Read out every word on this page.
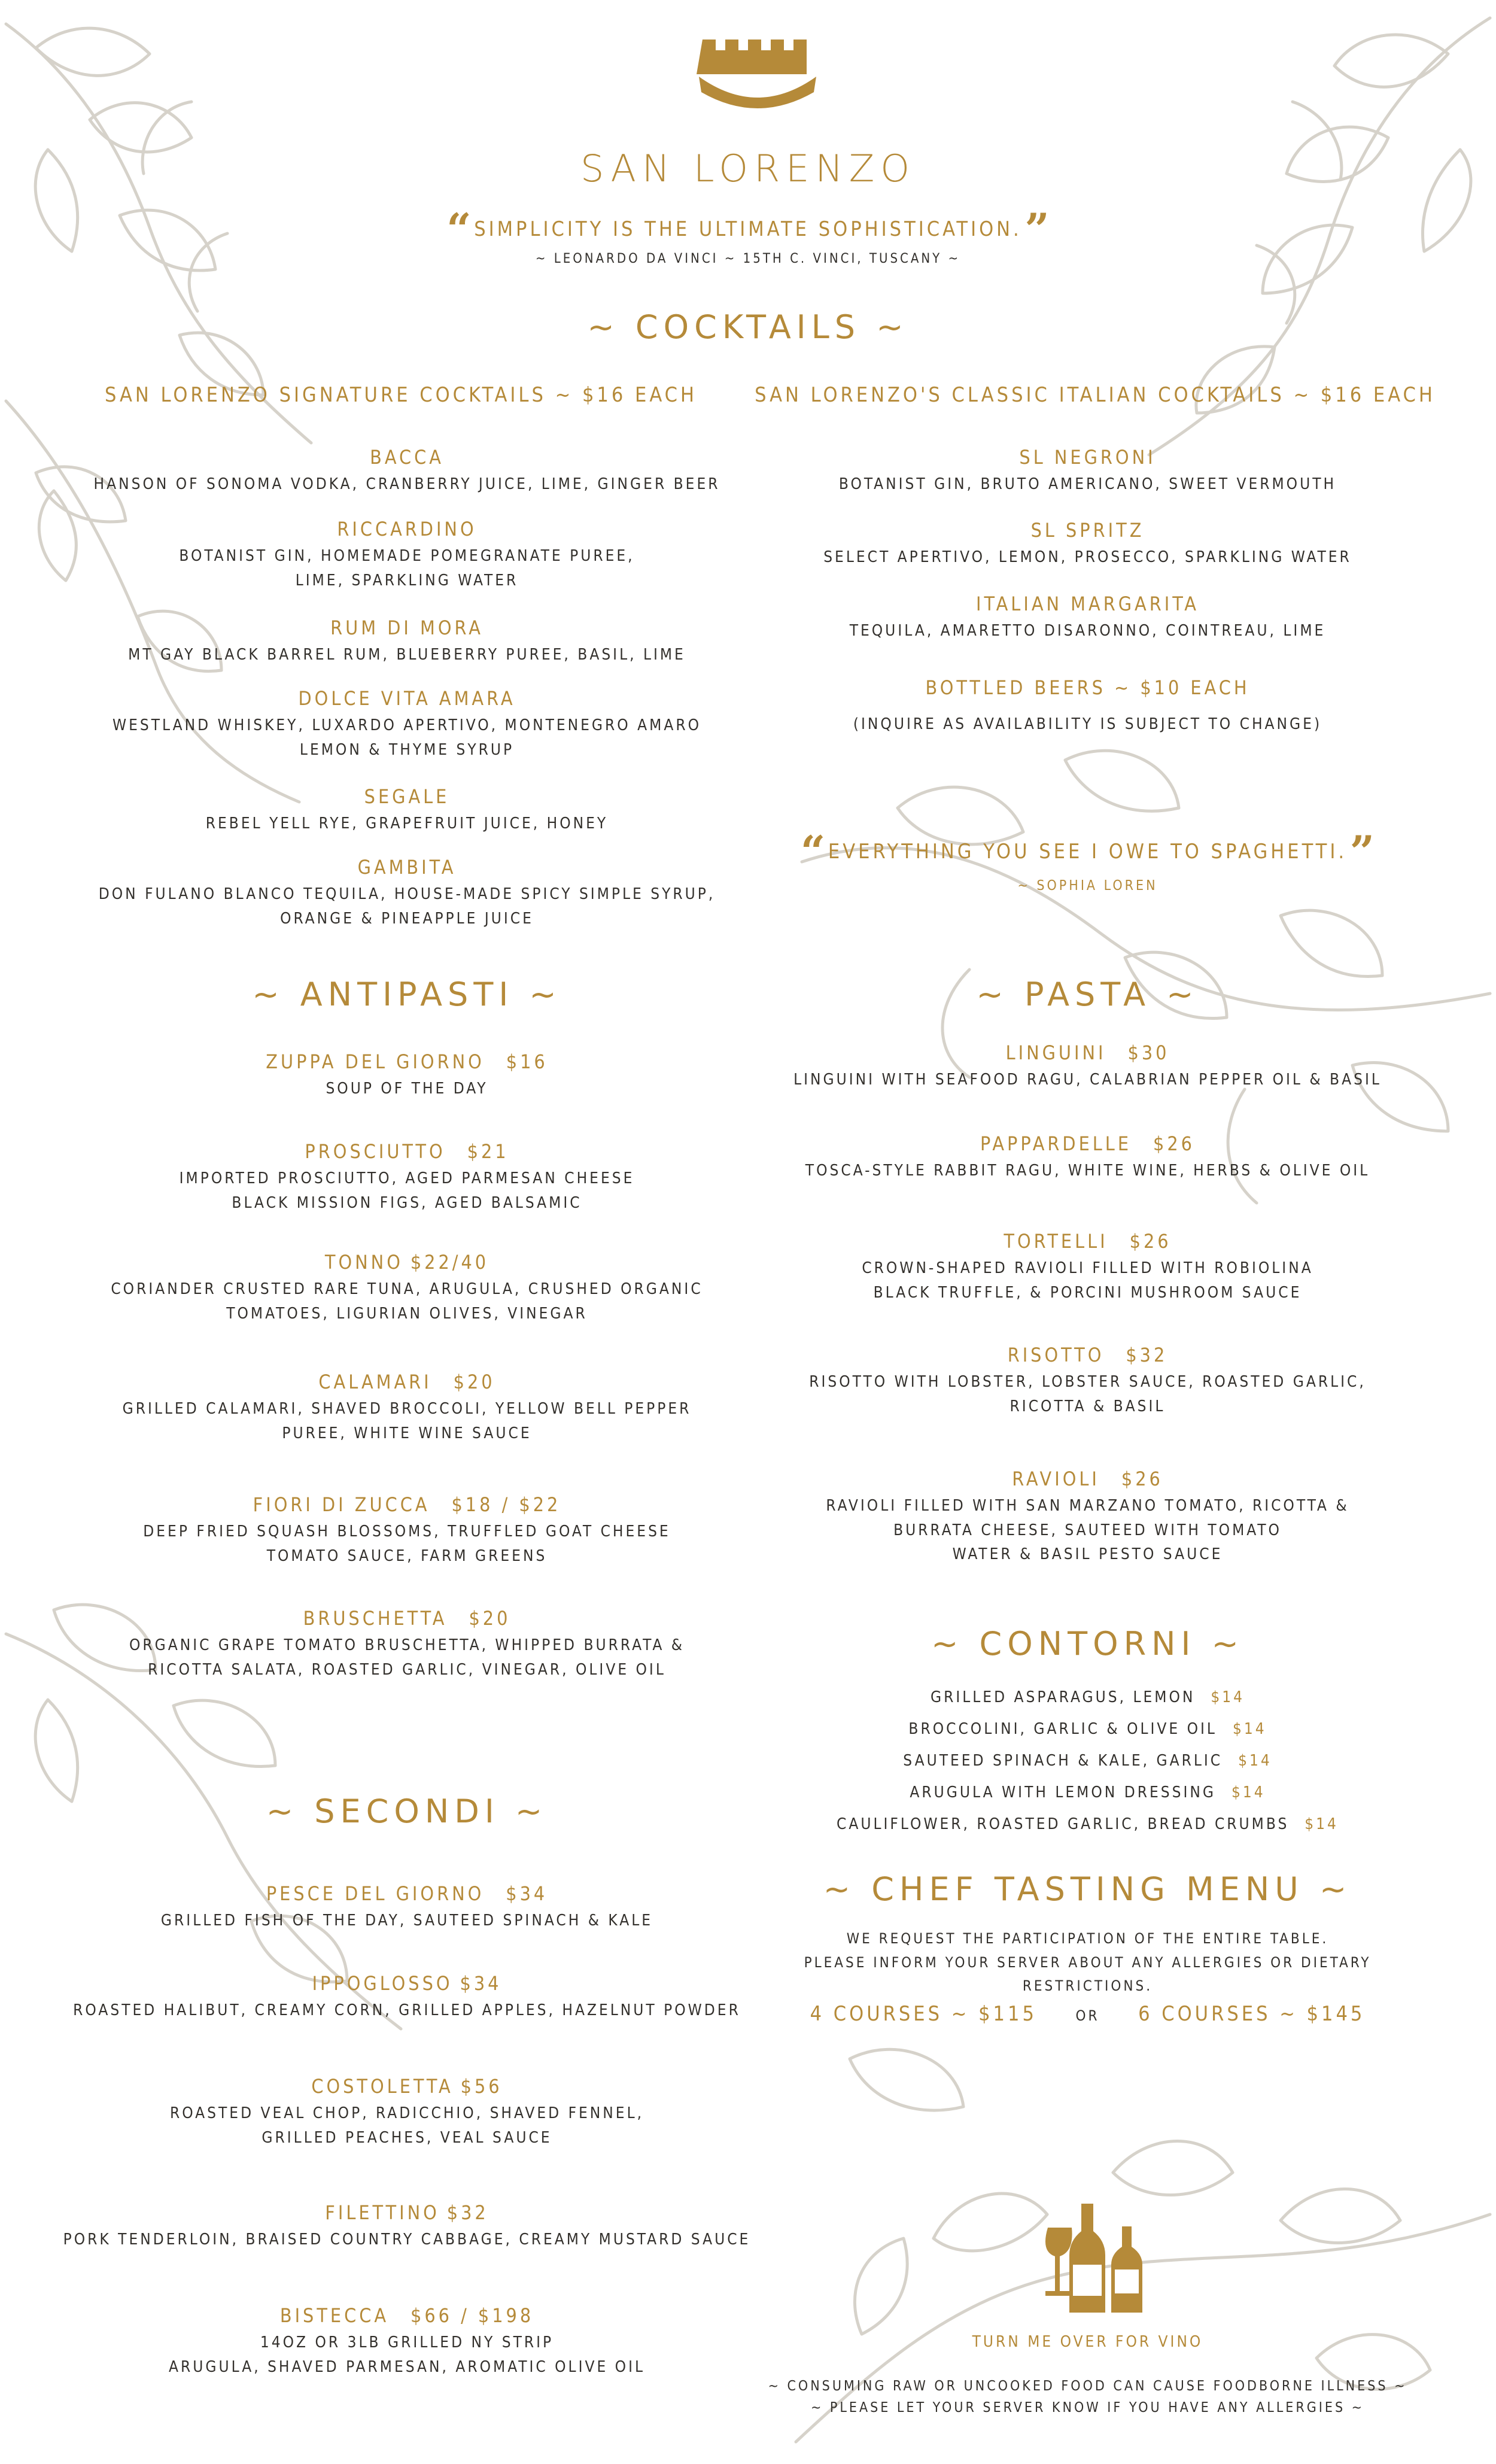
SAN LORENZO
“ SIMPLICITY IS THE ULTIMATE SOPHISTICATION. ”
~ LEONARDO DA VINCI ~ 15TH C. VINCI, TUSCANY ~
~ COCKTAILS ~
SAN LORENZO SIGNATURE COCKTAILS ~ $16 EACH
BACCA
HANSON OF SONOMA VODKA, CRANBERRY JUICE, LIME, GINGER BEER
RICCARDINO
BOTANIST GIN, HOMEMADE POMEGRANATE PUREE,
LIME, SPARKLING WATER
RUM DI MORA
MT GAY BLACK BARREL RUM, BLUEBERRY PUREE, BASIL, LIME
DOLCE VITA AMARA
WESTLAND WHISKEY, LUXARDO APERTIVO, MONTENEGRO AMARO
LEMON & THYME SYRUP
SEGALE
REBEL YELL RYE, GRAPEFRUIT JUICE, HONEY
GAMBITA
DON FULANO BLANCO TEQUILA, HOUSE-MADE SPICY SIMPLE SYRUP,
ORANGE & PINEAPPLE JUICE
SAN LORENZO'S CLASSIC ITALIAN COCKTAILS ~ $16 EACH
SL NEGRONI
BOTANIST GIN, BRUTO AMERICANO, SWEET VERMOUTH
SL SPRITZ
SELECT APERTIVO, LEMON, PROSECCO, SPARKLING WATER
ITALIAN MARGARITA
TEQUILA, AMARETTO DISARONNO, COINTREAU, LIME
BOTTLED BEERS ~ $10 EACH
(INQUIRE AS AVAILABILITY IS SUBJECT TO CHANGE)
“ EVERYTHING YOU SEE I OWE TO SPAGHETTI. ”
~ SOPHIA LOREN
~ ANTIPASTI ~	~ PASTA ~
~ SECONDI ~
~ CONTORNI ~
ZUPPA DEL GIORNO $16
SOUP OF THE DAY
PROSCIUTTO $21
IMPORTED PROSCIUTTO, AGED PARMESAN CHEESE
BLACK MISSION FIGS, AGED BALSAMIC
TONNO $22/40
CORIANDER CRUSTED RARE TUNA, ARUGULA, CRUSHED ORGANIC
TOMATOES, LIGURIAN OLIVES, VINEGAR
CALAMARI $20
GRILLED CALAMARI, SHAVED BROCCOLI, YELLOW BELL PEPPER
PUREE, WHITE WINE SAUCE
FIORI DI ZUCCA $18 / $22
DEEP FRIED SQUASH BLOSSOMS, TRUFFLED GOAT CHEESE
TOMATO SAUCE, FARM GREENS
BRUSCHETTA $20
ORGANIC GRAPE TOMATO BRUSCHETTA, WHIPPED BURRATA &
RICOTTA SALATA, ROASTED GARLIC, VINEGAR, OLIVE OIL
LINGUINI $30
LINGUINI WITH SEAFOOD RAGU, CALABRIAN PEPPER OIL & BASIL
PAPPARDELLE $26
TOSCA-STYLE RABBIT RAGU, WHITE WINE, HERBS & OLIVE OIL
TORTELLI $26
CROWN-SHAPED RAVIOLI FILLED WITH ROBIOLINA
BLACK TRUFFLE, & PORCINI MUSHROOM SAUCE
RISOTTO $32
RISOTTO WITH LOBSTER, LOBSTER SAUCE, ROASTED GARLIC,
RICOTTA & BASIL
RAVIOLI $26
RAVIOLI FILLED WITH SAN MARZANO TOMATO, RICOTTA &
BURRATA CHEESE, SAUTEED WITH TOMATO
WATER & BASIL PESTO SAUCE
PESCE DEL GIORNO $34
GRILLED FISH OF THE DAY, SAUTEED SPINACH & KALE
IPPOGLOSSO $34
ROASTED HALIBUT, CREAMY CORN, GRILLED APPLES, HAZELNUT POWDER
COSTOLETTA $56
ROASTED VEAL CHOP, RADICCHIO, SHAVED FENNEL,
GRILLED PEACHES, VEAL SAUCE
FILETTINO $32
PORK TENDERLOIN, BRAISED COUNTRY CABBAGE, CREAMY MUSTARD SAUCE
BISTECCA $66 / $198
14OZ OR 3LB GRILLED NY STRIP
ARUGULA, SHAVED PARMESAN, AROMATIC OLIVE OIL
GRILLED ASPARAGUS, LEMON $14
BROCCOLINI, GARLIC & OLIVE OIL $14
SAUTEED SPINACH & KALE, GARLIC $14
ARUGULA WITH LEMON DRESSING $14
CAULIFLOWER, ROASTED GARLIC, BREAD CRUMBS $14
~ CHEF TASTING MENU ~
WE REQUEST THE PARTICIPATION OF THE ENTIRE TABLE.
PLEASE INFORM YOUR SERVER ABOUT ANY ALLERGIES OR DIETARY RESTRICTIONS.
4 COURSES ~ $115	OR 6 COURSES ~ $145
TURN ME OVER FOR VINO
~ CONSUMING RAW OR UNCOOKED FOOD CAN CAUSE FOODBORNE ILLNESS ~
~ PLEASE LET YOUR SERVER KNOW IF YOU HAVE ANY ALLERGIES ~
